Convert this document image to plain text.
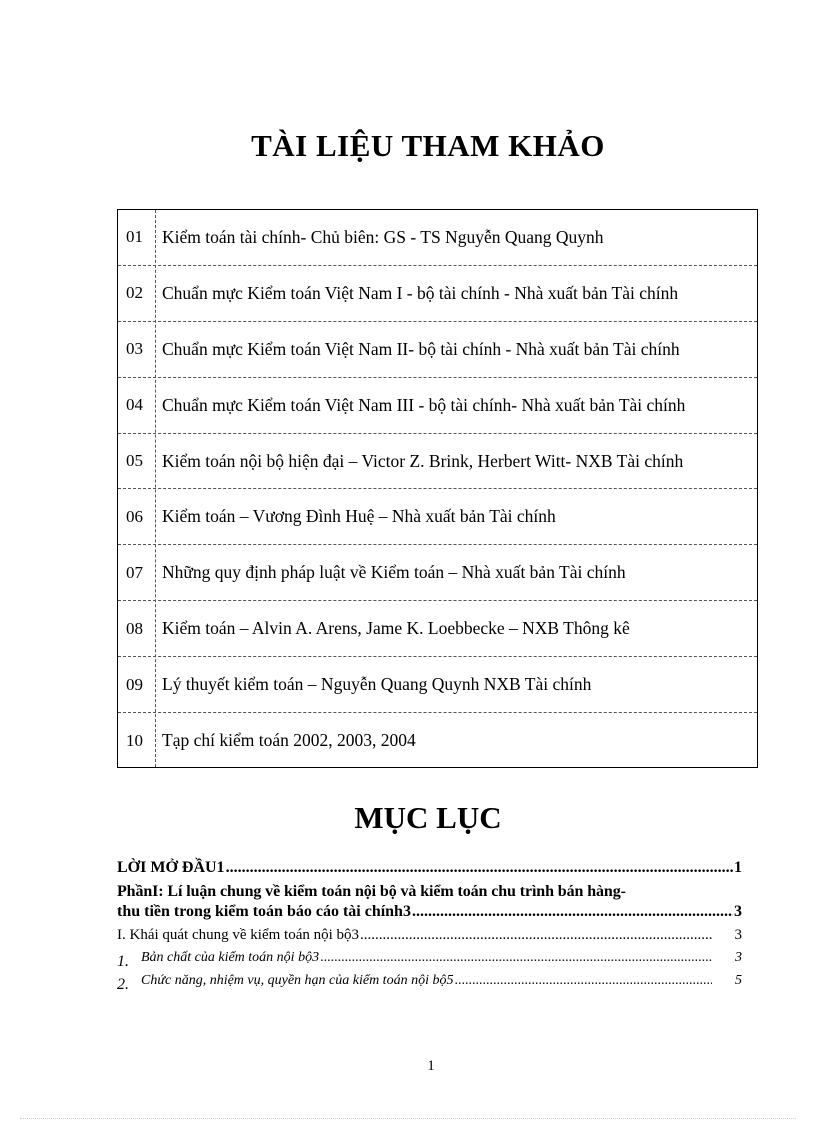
TÀI LIỆU THAM KHẢO
01	Kiểm toán tài chính- Chủ biên: GS - TS Nguyễn Quang Quynh
02	Chuẩn mực Kiểm toán Việt Nam I - bộ tài chính - Nhà xuất bản Tài chính
03	Chuẩn mực Kiểm toán Việt Nam II- bộ tài chính - Nhà xuất bản Tài chính
04	Chuẩn mực Kiểm toán Việt Nam III - bộ tài chính- Nhà xuất bản Tài chính
05	Kiểm toán nội bộ hiện đại – Victor Z. Brink, Herbert Witt- NXB Tài chính
06	Kiểm toán – Vương Đình Huệ – Nhà xuất bản Tài chính
07	Những quy định pháp luật về Kiểm toán – Nhà xuất bản Tài chính
08	Kiểm toán – Alvin A. Arens, Jame K. Loebbecke – NXB Thông kê
09	Lý thuyết kiểm toán – Nguyễn Quang Quynh NXB Tài chính
10	Tạp chí kiểm toán 2002, 2003, 2004
MỤC LỤC
LỜI MỞ ĐẦU1 .....	1
PhầnI: Lí luận chung về kiểm toán nội bộ và kiểm toán chu trình bán hàng-
thu tiền trong kiểm toán báo cáo tài chính3 .....	3
I. Khái quát chung về kiểm toán nội bộ3 .....	3
1. Bản chất của kiểm toán nội bộ3 .....	3
2. Chức năng, nhiệm vụ, quyền hạn của kiểm toán nội bộ5 .....	5
1
